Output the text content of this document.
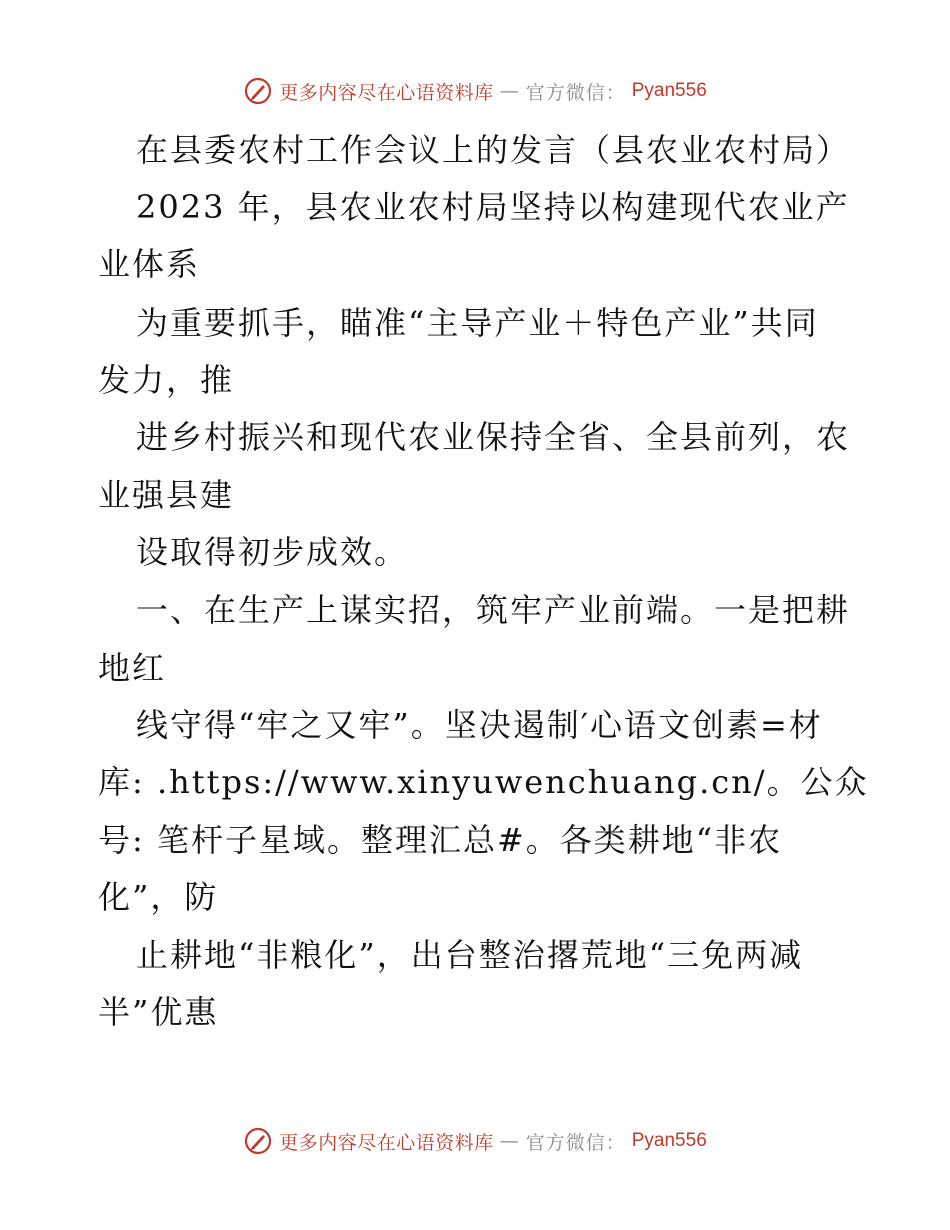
更多内容尽在心语资料库 — 官方微信： Pyan556
在县委农村工作会议上的发言（县农业农村局）
2023 年，县农业农村局坚持以构建现代农业产
业体系
为重要抓手，瞄准“主导产业＋特色产业”共同
发力，推
进乡村振兴和现代农业保持全省、全县前列，农
业强县建
设取得初步成效。
一、在生产上谋实招，筑牢产业前端。一是把耕
地红
线守得“牢之又牢”。坚决遏制′心语文创素=材
库: .https://www.xinyuwenchuang.cn/。公众
号: 笔杆子星域。整理汇总#。各类耕地“非农
化”，防
止耕地“非粮化”，出台整治撂荒地“三免两减
半”优惠
更多内容尽在心语资料库 — 官方微信： Pyan556
